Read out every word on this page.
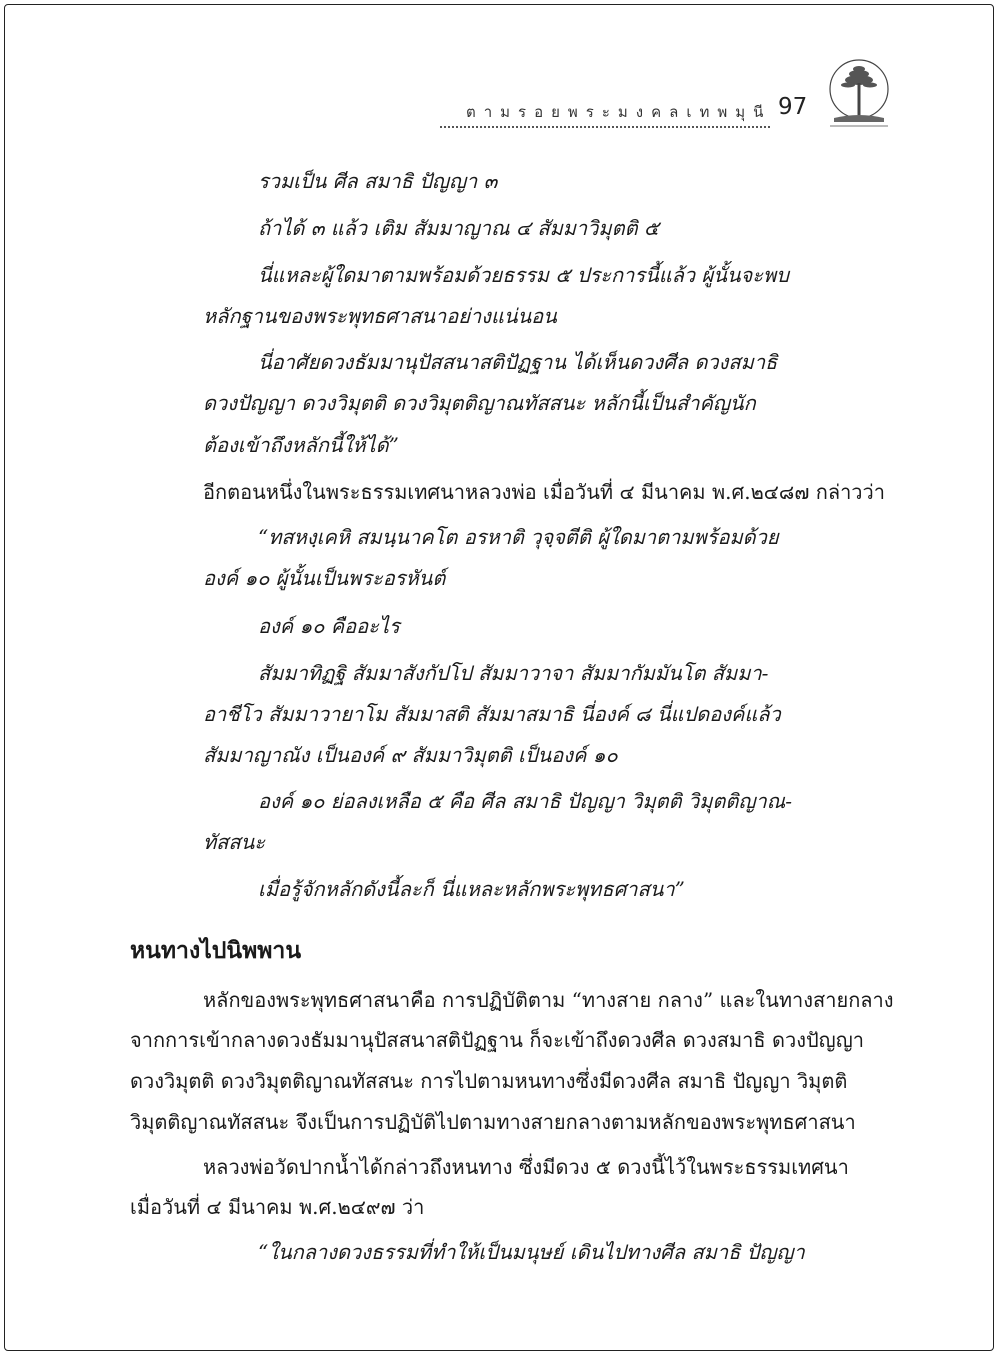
ตามรอยพระมงคลเทพมุนี 97

รวมเป็น ศีล สมาธิ ปัญญา ๓

ถ้าได้ ๓ แล้ว เติม สัมมาญาณ ๔ สัมมาวิมุตติ ๕

นี่แหละผู้ใดมาตามพร้อมด้วยธรรม ๕ ประการนี้แล้ว ผู้นั้นจะพบ

หลักฐานของพระพุทธศาสนาอย่างแน่นอน

นี่อาศัยดวงธัมมานุปัสสนาสติปัฏฐาน ได้เห็นดวงศีล ดวงสมาธิ

ดวงปัญญา ดวงวิมุตติ ดวงวิมุตติญาณทัสสนะ หลักนี้เป็นสำคัญนัก

ต้องเข้าถึงหลักนี้ให้ได้”

อีกตอนหนึ่งในพระธรรมเทศนาหลวงพ่อ เมื่อวันที่ ๔ มีนาคม พ.ศ.๒๔๘๗ กล่าวว่า

“ทสหงฺเคหิ สมนฺนาคโต อรหาติ วุจฺจตีติ ผู้ใดมาตามพร้อมด้วย

องค์ ๑๐ ผู้นั้นเป็นพระอรหันต์

องค์ ๑๐ คืออะไร

สัมมาทิฏฐิ สัมมาสังกัปโป สัมมาวาจา สัมมากัมมันโต สัมมา-

อาชีโว สัมมาวายาโม สัมมาสติ สัมมาสมาธิ นี่องค์ ๘ นี่แปดองค์แล้ว

สัมมาญาณัง เป็นองค์ ๙ สัมมาวิมุตติ เป็นองค์ ๑๐

องค์ ๑๐ ย่อลงเหลือ ๕ คือ ศีล สมาธิ ปัญญา วิมุตติ วิมุตติญาณ-

ทัสสนะ

เมื่อรู้จักหลักดังนี้ละก็ นี่แหละหลักพระพุทธศาสนา”

หนทางไปนิพพาน

หลักของพระพุทธศาสนาคือ การปฏิบัติตาม “ทางสาย กลาง” และในทางสายกลาง

จากการเข้ากลางดวงธัมมานุปัสสนาสติปัฏฐาน ก็จะเข้าถึงดวงศีล ดวงสมาธิ ดวงปัญญา

ดวงวิมุตติ ดวงวิมุตติญาณทัสสนะ การไปตามหนทางซึ่งมีดวงศีล สมาธิ ปัญญา วิมุตติ

วิมุตติญาณทัสสนะ จึงเป็นการปฏิบัติไปตามทางสายกลางตามหลักของพระพุทธศาสนา

หลวงพ่อวัดปากน้ำได้กล่าวถึงหนทาง ซึ่งมีดวง ๕ ดวงนี้ไว้ในพระธรรมเทศนา

เมื่อวันที่ ๔ มีนาคม พ.ศ.๒๔๙๗ ว่า

“ในกลางดวงธรรมที่ทำให้เป็นมนุษย์ เดินไปทางศีล สมาธิ ปัญญา
